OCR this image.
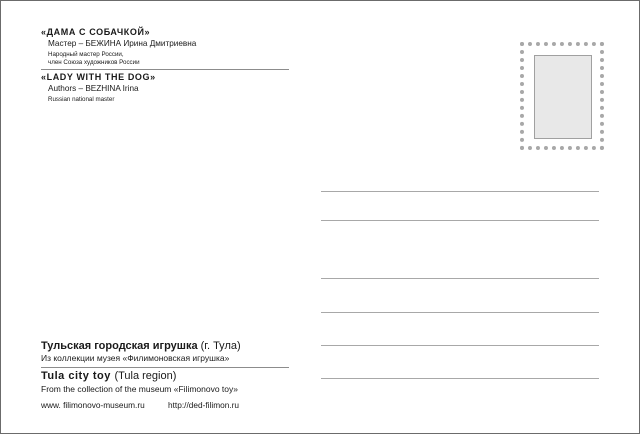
«ДАМА С СОБАЧКОЙ»
Мастер – БЕЖИНА Ирина Дмитриевна
Народный мастер России,
член Союза художников России
«LADY WITH THE DOG»
Authors – BEZHINA Irina
Russian national master
Тульская городская игрушка (г. Тула)
Из коллекции музея «Филимоновская игрушка»
Tula city toy (Tula region)
From the collection of the museum «Filimonovo toy»
www. filimonovo-museum.ru	http://ded-filimon.ru
